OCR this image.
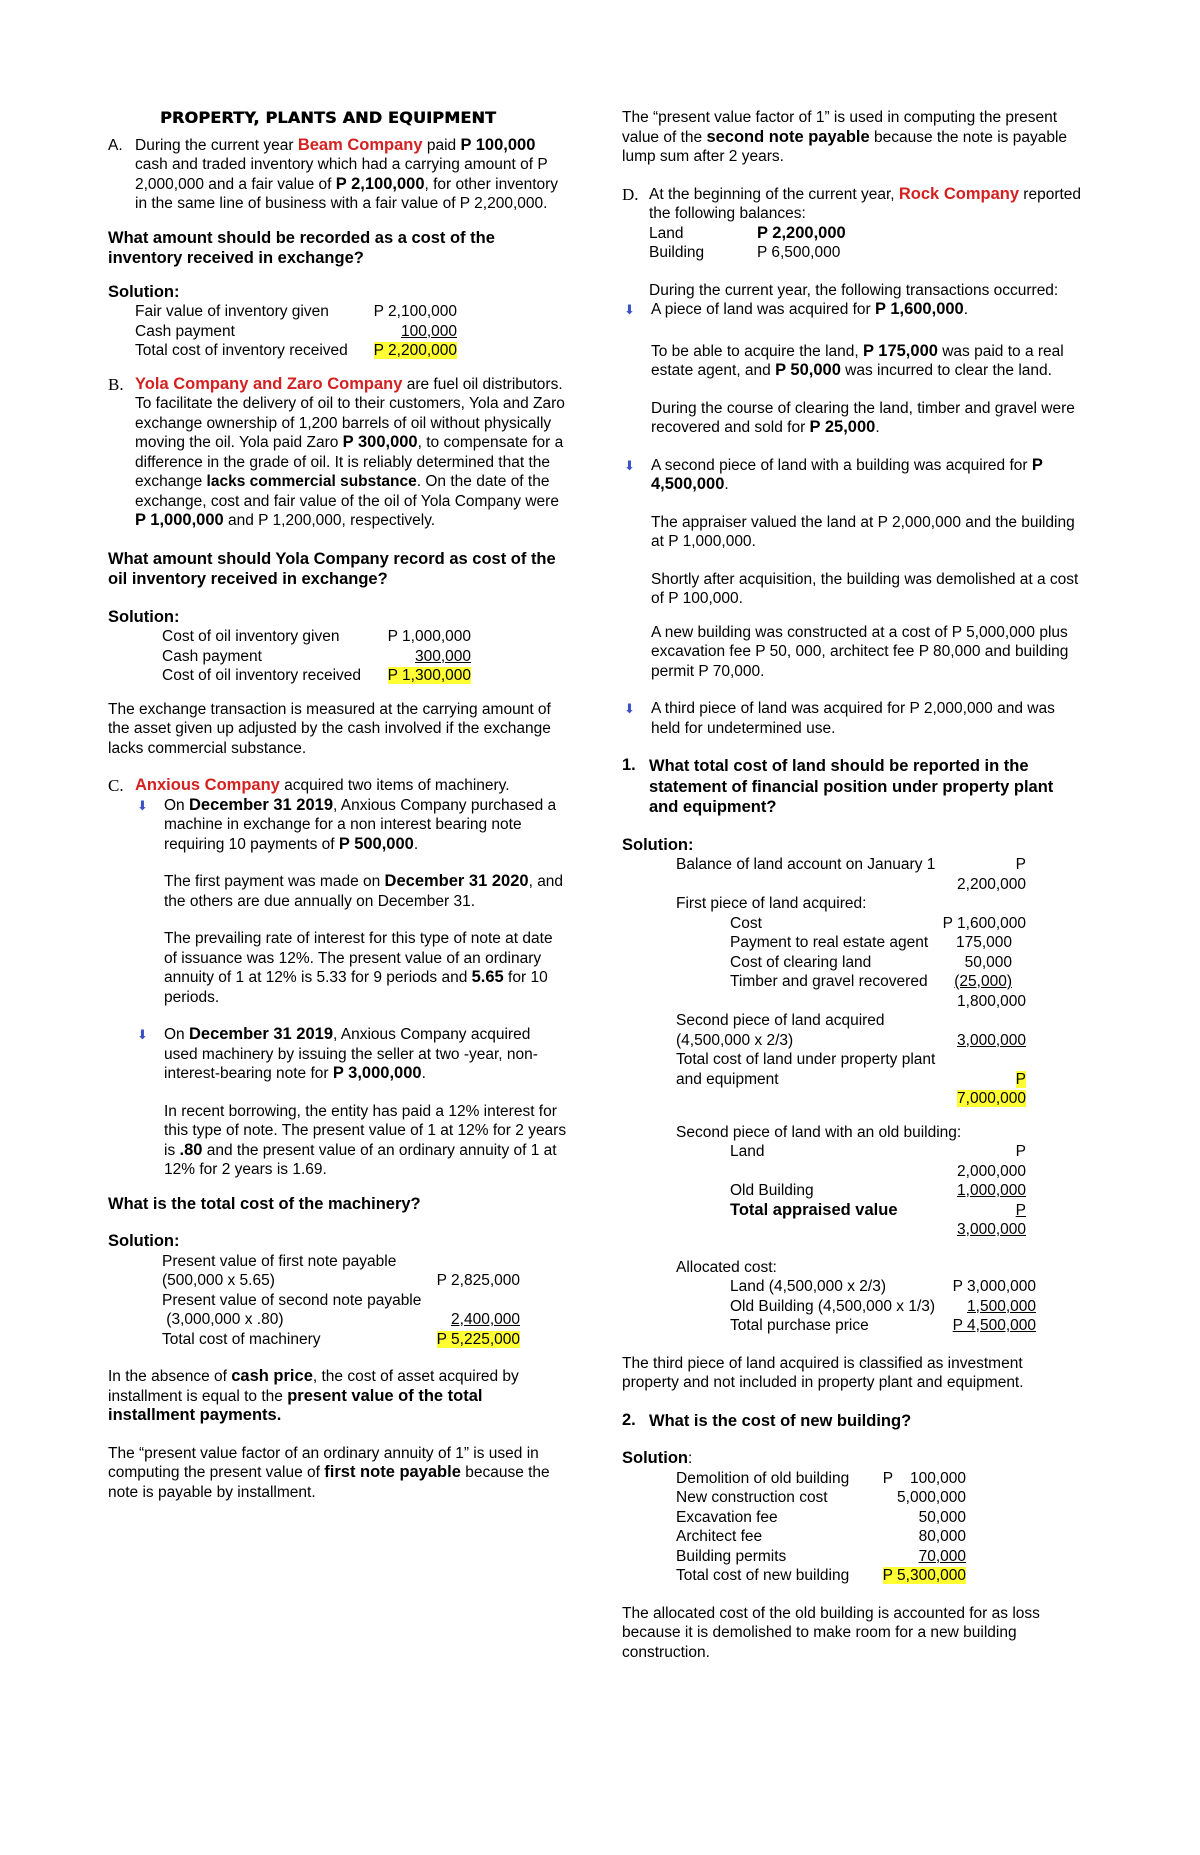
PROPERTY, PLANTS AND EQUIPMENT

A. During the current year Beam Company paid P 100,000 cash and traded inventory which had a carrying amount of P 2,000,000 and a fair value of P 2,100,000, for other inventory in the same line of business with a fair value of P 2,200,000.

What amount should be recorded as a cost of the inventory received in exchange?

Solution:

Fair value of inventory given	P 2,100,000
Cash payment	100,000
Total cost of inventory received	P 2,200,000
B. Yola Company and Zaro Company are fuel oil distributors. To facilitate the delivery of oil to their customers, Yola and Zaro exchange ownership of 1,200 barrels of oil without physically moving the oil. Yola paid Zaro P 300,000, to compensate for a difference in the grade of oil. It is reliably determined that the exchange lacks commercial substance. On the date of the exchange, cost and fair value of the oil of Yola Company were P 1,000,000 and P 1,200,000, respectively.

What amount should Yola Company record as cost of the oil inventory received in exchange?

Solution:

Cost of oil inventory given	P 1,000,000
Cash payment	300,000
Cost of oil inventory received	P 1,300,000

The exchange transaction is measured at the carrying amount of the asset given up adjusted by the cash involved if the exchange lacks commercial substance.

C. Anxious Company acquired two items of machinery.

⬇	On December 31 2019, Anxious Company purchased a machine in exchange for a non interest bearing note requiring 10 payments of P 500,000.

The first payment was made on December 31 2020, and the others are due annually on December 31.

The prevailing rate of interest for this type of note at date of issuance was 12%. The present value of an ordinary annuity of 1 at 12% is 5.33 for 9 periods and 5.65 for 10 periods.

⬇	On December 31 2019, Anxious Company acquired used machinery by issuing the seller at two -year, non-interest-bearing note for P 3,000,000.

In recent borrowing, the entity has paid a 12% interest for this type of note. The present value of 1 at 12% for 2 years is .80 and the present value of an ordinary annuity of 1 at 12% for 2 years is 1.69.

What is the total cost of the machinery?

Solution:

Present value of first note payable

(500,000 x 5.65)	P 2,825,000

Present value of second note payable

(3,000,000 x .80)	2,400,000
Total cost of machinery	P 5,225,000

In the absence of cash price, the cost of asset acquired by installment is equal to the present value of the total installment payments.

The “present value factor of an ordinary annuity of 1” is used in computing the present value of first note payable because the note is payable by installment.

The “present value factor of 1” is used in computing the present value of the second note payable because the note is payable lump sum after 2 years.

D. At the beginning of the current year, Rock Company reported the following balances:

Land	P 2,200,000
Building	P 6,500,000

During the current year, the following transactions occurred:

⬇	A piece of land was acquired for P 1,600,000.

To be able to acquire the land, P 175,000 was paid to a real estate agent, and P 50,000 was incurred to clear the land.

During the course of clearing the land, timber and gravel were recovered and sold for P 25,000.

⬇	A second piece of land with a building was acquired for P 4,500,000.

The appraiser valued the land at P 2,000,000 and the building at P 1,000,000.

Shortly after acquisition, the building was demolished at a cost of P 100,000.

A new building was constructed at a cost of P 5,000,000 plus excavation fee P 50, 000, architect fee P 80,000 and building permit P 70,000.

⬇	A third piece of land was acquired for P 2,000,000 and was held for undetermined use.

1. What total cost of land should be reported in the statement of financial position under property plant and equipment?

Solution:

Balance of land account on January 1	P 2,200,000

First piece of land acquired:

Cost	P 1,600,000
Payment to real estate agent	175,000
Cost of clearing land	50,000
Timber and gravel recovered	(25,000)
1,800,000

Second piece of land acquired

(4,500,000 x 2/3)	3,000,000

Total cost of land under property plant

and equipment	P 7,000,000

Second piece of land with an old building:

Land	P 2,000,000
Old Building	1,000,000
Total appraised value	P 3,000,000

Allocated cost:

Land (4,500,000 x 2/3)	P 3,000,000
Old Building (4,500,000 x 1/3)	1,500,000
Total purchase price	P 4,500,000

The third piece of land acquired is classified as investment property and not included in property plant and equipment.

2. What is the cost of new building?

Solution:

Demolition of old building	P    100,000
New construction cost	5,000,000
Excavation fee	50,000
Architect fee	80,000
Building permits	70,000
Total cost of new building	P 5,300,000

The allocated cost of the old building is accounted for as loss because it is demolished to make room for a new building construction.
